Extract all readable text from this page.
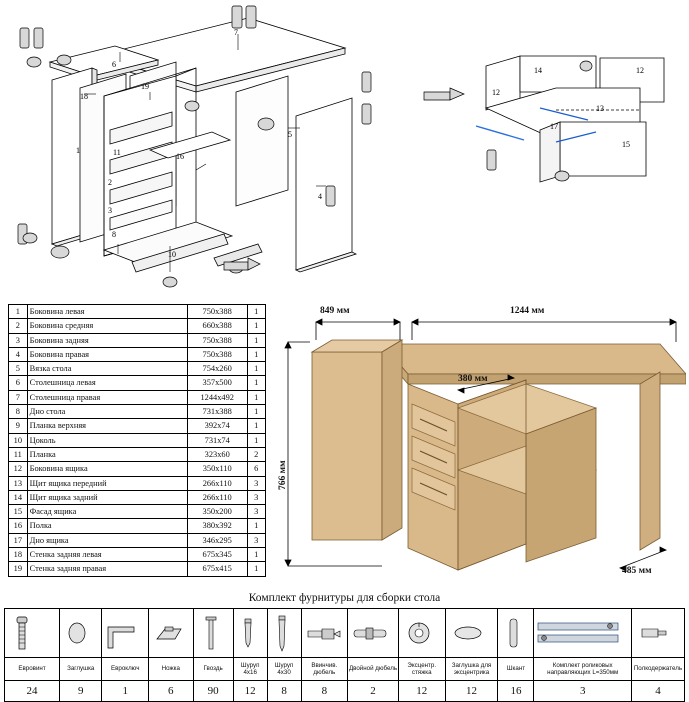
6
7
19
18
1	11
2
3
16
5
8
10
4
14	12
12
13
17
15
1	Боковина левая	750x388	1
2	Боковина средняя	660x388	1
3	Боковина задняя	750x388	1
4	Боковина правая	750x388	1
5	Вязка стола	754x260	1
6	Столешница левая	357x500	1
7	Столешница правая	1244x492	1
8	Дно стола	731x388	1
9	Планка верхняя	392x74	1
10	Цоколь	731x74	1
11	Планка	323x60	2
12	Боковина ящика	350x110	6
13	Щит ящика передний	266x110	3
14	Щит ящика задний	266x110	3
15	Фасад ящика	350x200	3
16	Полка	380x392	1
17	Дно ящика	346x295	3
18	Стенка задняя левая	675x345	1
19	Стенка задняя правая	675x415	1
849 мм	1244 мм
766 мм
380 мм
485 мм
Комплект фурнитуры для сборки стола

Евровинт	Заглушка	Евроключ	Ножка	Гвоздь	Шуруп 4х16	Шуруп 4х30	Ввинчив. дюбель	Двойной дюбель	Эксцентр. стяжка	Заглушка для эксцентрика	Шкант	Комплект роликовых направляющих L=350мм	Полкодержатель
24	9	1	6	90	12	8	8	2	12	12	16	3	4
